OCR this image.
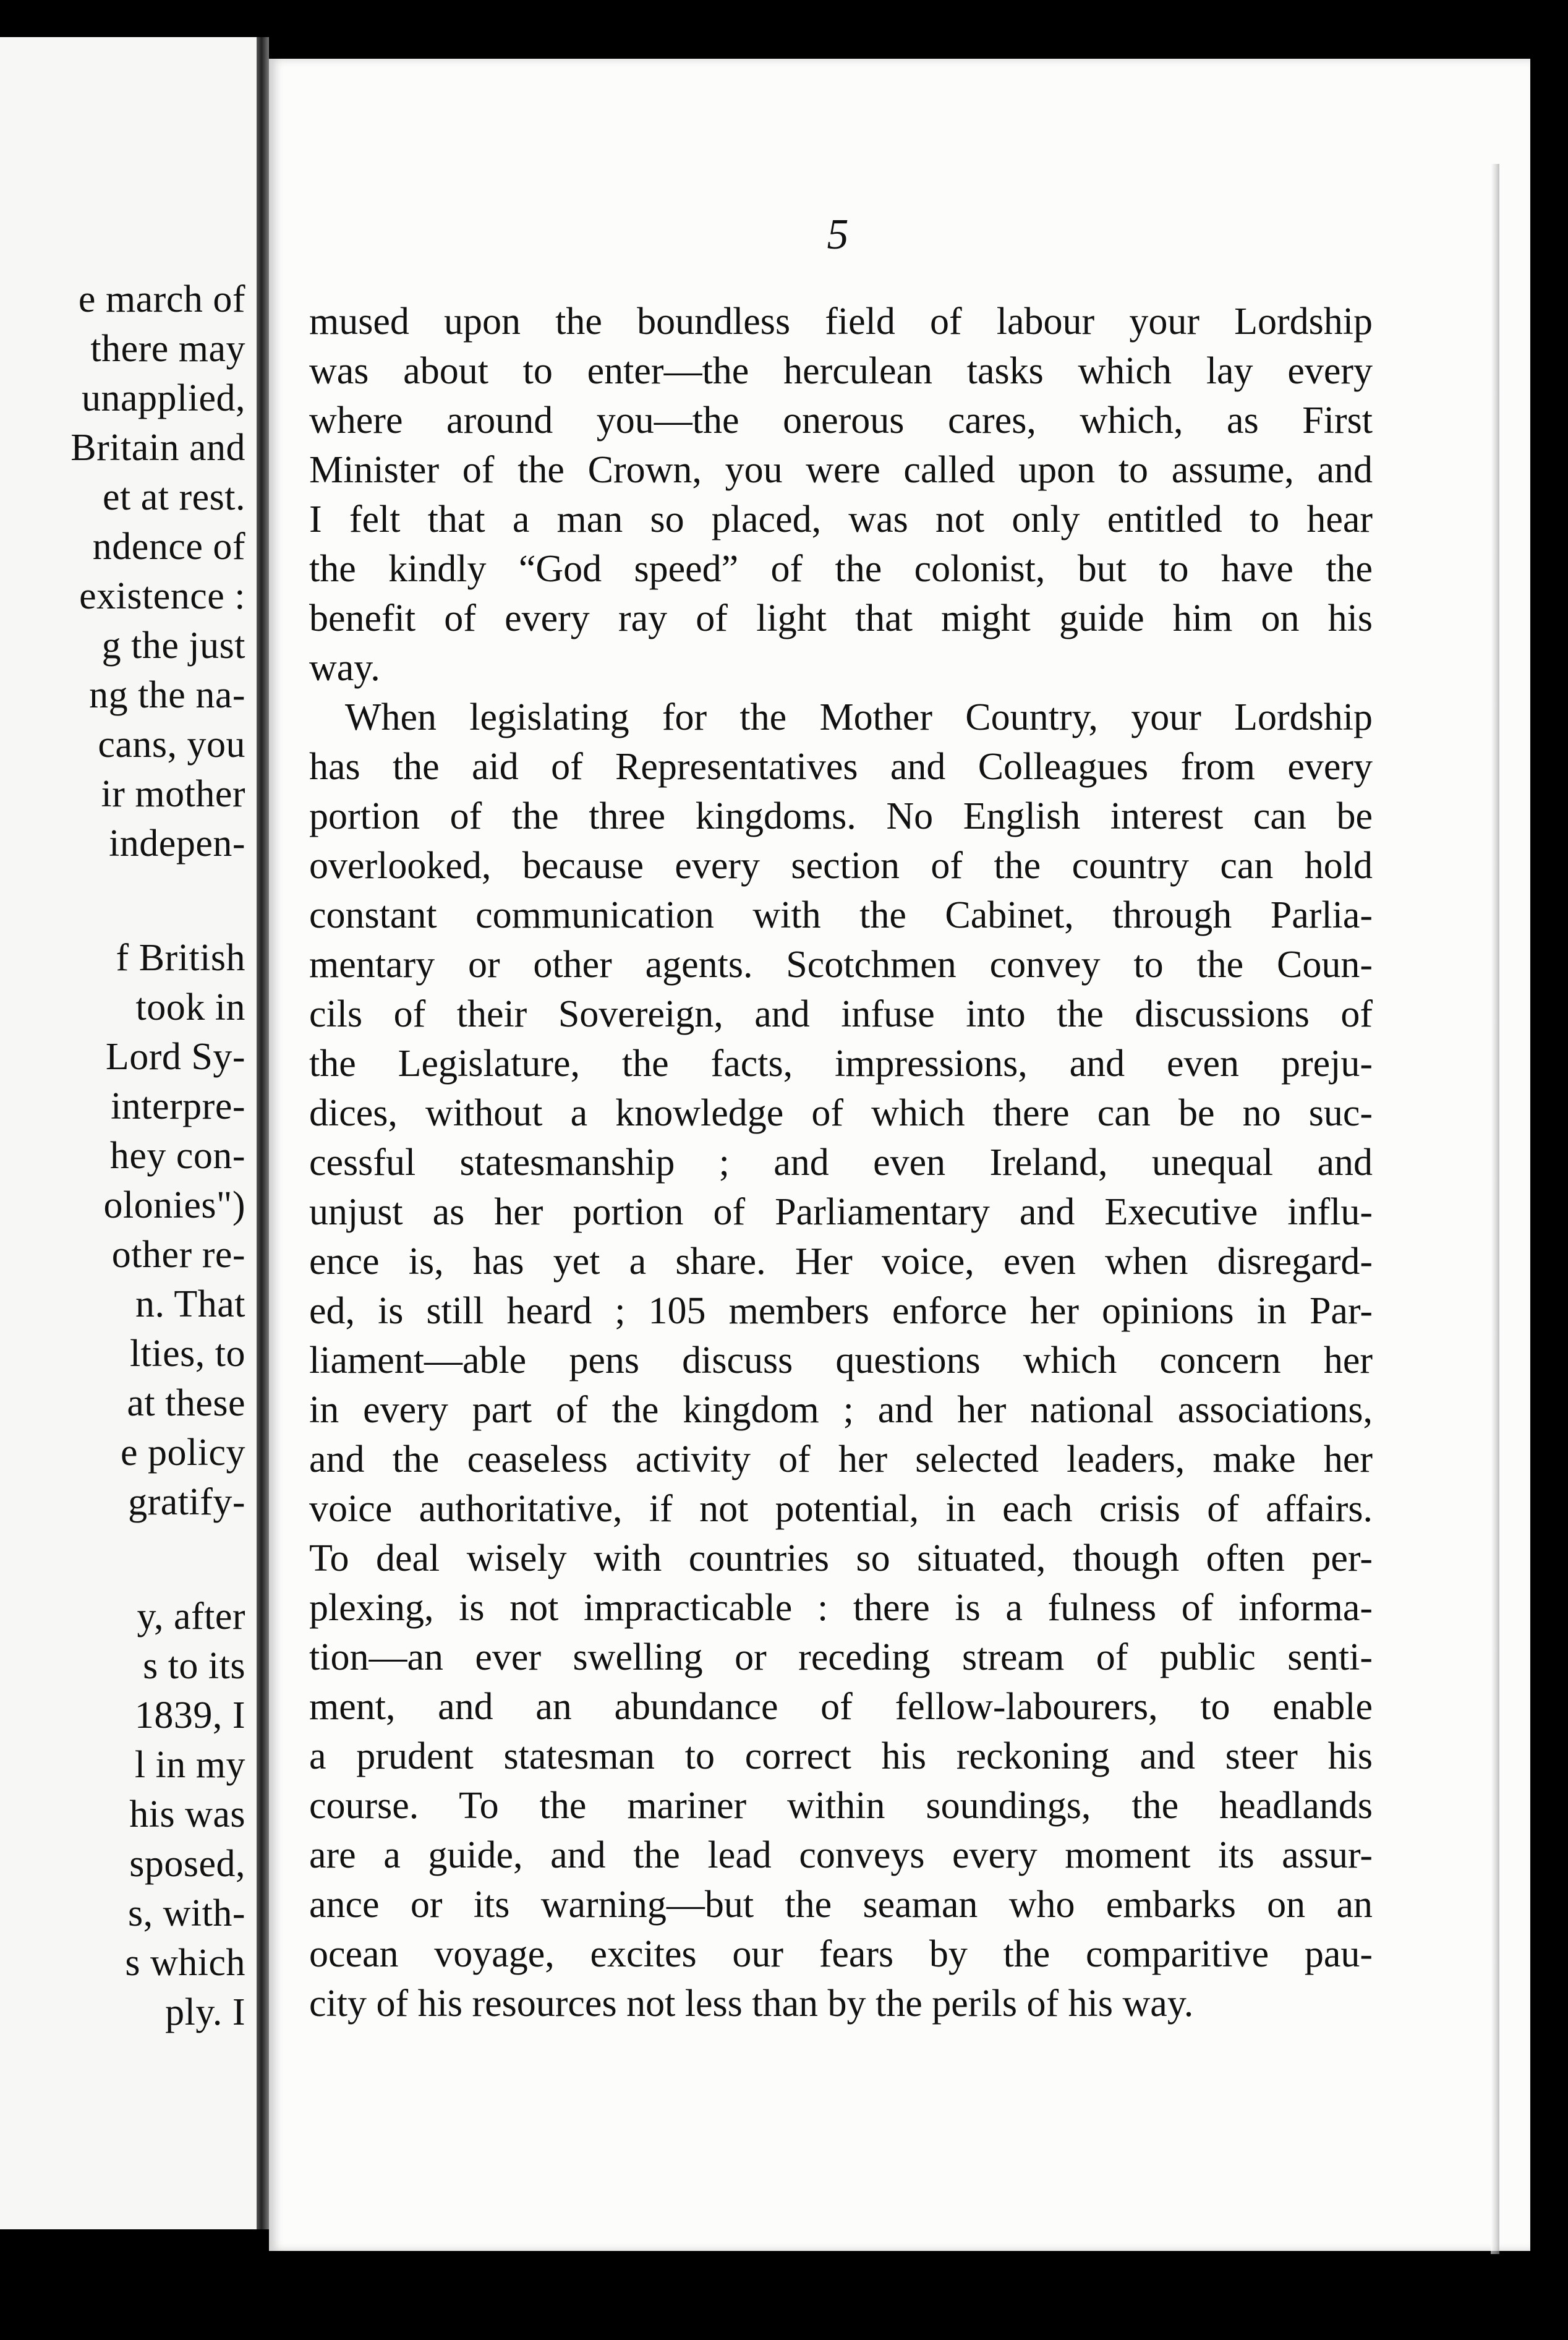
e march of
there may
unapplied,
Britain and
et at rest.
ndence of
existence :
g the just
ng the na-
cans, you
ir mother
indepen-
f British
took in
Lord Sy-
interpre-
hey con-
olonies")
other re-
n. That
lties, to
at these
e policy
gratify-
y, after
s to its
1839, I
l in my
his was
sposed,
s, with-
s which
ply. I
5
mused upon the boundless field of labour your Lordship
was about to enter—the herculean tasks which lay every
where around you—the onerous cares, which, as First
Minister of the Crown, you were called upon to assume, and
I felt that a man so placed, was not only entitled to hear
the kindly “God speed” of the colonist, but to have the
benefit of every ray of light that might guide him on his
way.
When legislating for the Mother Country, your Lordship
has the aid of Representatives and Colleagues from every
portion of the three kingdoms. No English interest can be
overlooked, because every section of the country can hold
constant communication with the Cabinet, through Parlia-
mentary or other agents. Scotchmen convey to the Coun-
cils of their Sovereign, and infuse into the discussions of
the Legislature, the facts, impressions, and even preju-
dices, without a knowledge of which there can be no suc-
cessful statesmanship ; and even Ireland, unequal and
unjust as her portion of Parliamentary and Executive influ-
ence is, has yet a share. Her voice, even when disregard-
ed, is still heard ; 105 members enforce her opinions in Par-
liament—able pens discuss questions which concern her
in every part of the kingdom ; and her national associations,
and the ceaseless activity of her selected leaders, make her
voice authoritative, if not potential, in each crisis of affairs.
To deal wisely with countries so situated, though often per-
plexing, is not impracticable : there is a fulness of informa-
tion—an ever swelling or receding stream of public senti-
ment, and an abundance of fellow-labourers, to enable
a prudent statesman to correct his reckoning and steer his
course. To the mariner within soundings, the headlands
are a guide, and the lead conveys every moment its assur-
ance or its warning—but the seaman who embarks on an
ocean voyage, excites our fears by the comparitive pau-
city of his resources not less than by the perils of his way.
